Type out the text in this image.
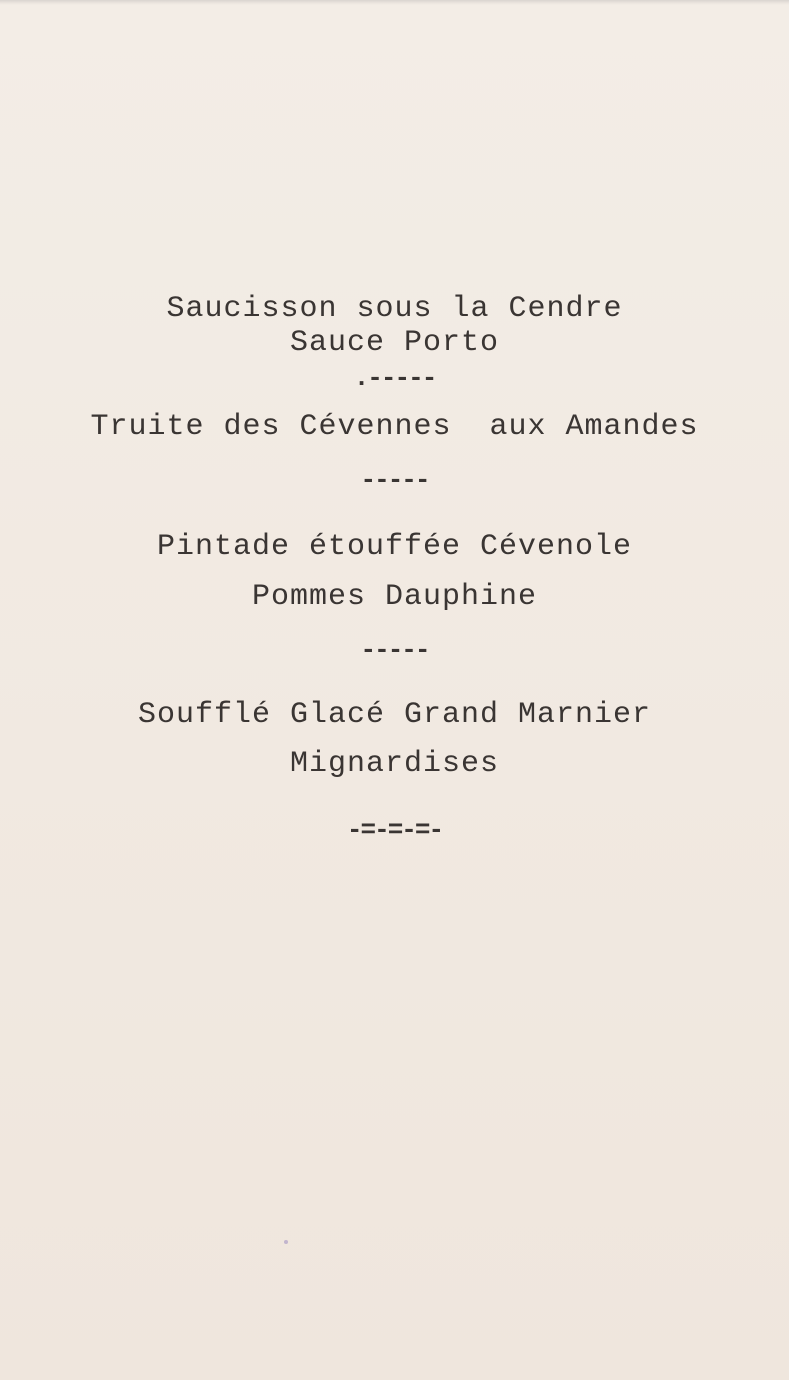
Saucisson sous la Cendre
Sauce Porto
.-----
Truite des Cévennes  aux Amandes
-----
Pintade étouffée Cévenole
Pommes Dauphine
-----
Soufflé Glacé Grand Marnier
Mignardises
-=-=-=-
